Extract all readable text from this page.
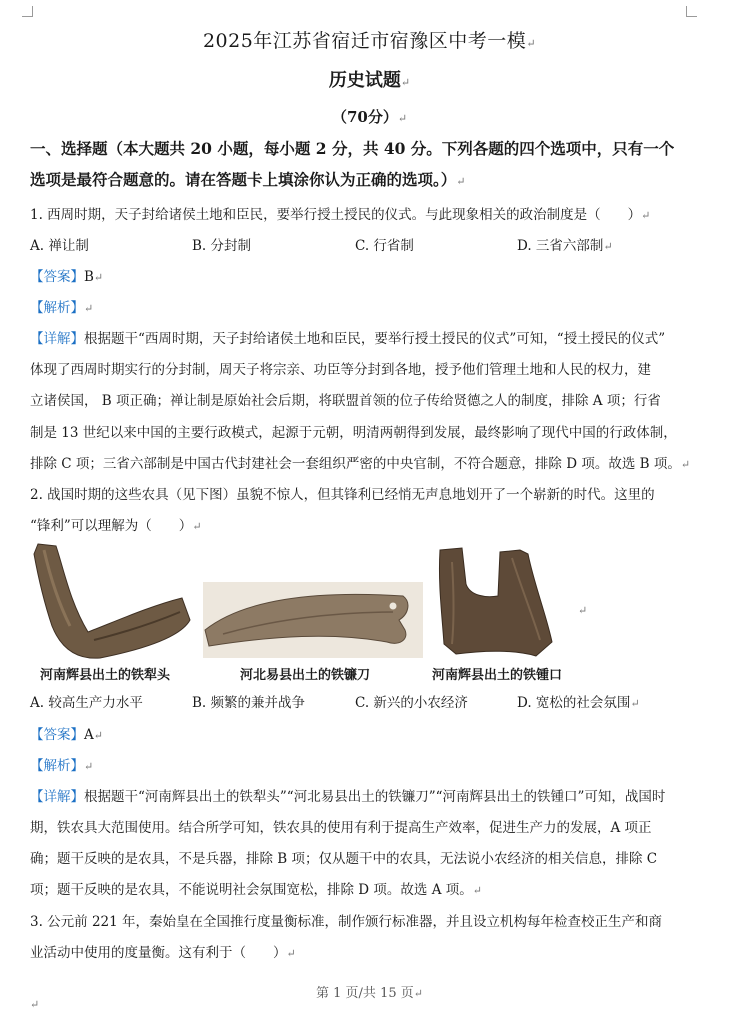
2025年江苏省宿迁市宿豫区中考一模↵
历史试题↵
（70分）↵
一、选择题（本大题共 20 小题，每小题 2 分，共 40 分。下列各题的四个选项中，只有一个
选项是最符合题意的。请在答题卡上填涂你认为正确的选项。）↵
1. 西周时期，天子封给诸侯土地和臣民，要举行授土授民的仪式。与此现象相关的政治制度是（　　）↵
A. 禅让制	B. 分封制	C. 行省制	D. 三省六部制↵
【答案】B↵
【解析】↵
【详解】根据题干“西周时期，天子封给诸侯土地和臣民，要举行授土授民的仪式”可知，“授土授民的仪式”
体现了西周时期实行的分封制，周天子将宗亲、功臣等分封到各地，授予他们管理土地和人民的权力，建
立诸侯国， B 项正确；禅让制是原始社会后期，将联盟首领的位子传给贤德之人的制度，排除 A 项；行省
制是 13 世纪以来中国的主要行政模式，起源于元朝，明清两朝得到发展，最终影响了现代中国的行政体制，
排除 C 项；三省六部制是中国古代封建社会一套组织严密的中央官制，不符合题意，排除 D 项。故选 B 项。↵
2. 战国时期的这些农具（见下图）虽貌不惊人，但其锋利已经悄无声息地划开了一个崭新的时代。这里的
“锋利”可以理解为（　　）↵
↵
河南辉县出土的铁犁头	河北易县出土的铁镰刀	河南辉县出土的铁锺口
A. 较高生产力水平	B. 频繁的兼并战争	C. 新兴的小农经济	D. 宽松的社会氛围↵
【答案】A↵
【解析】↵
【详解】根据题干“河南辉县出土的铁犁头”“河北易县出土的铁镰刀”“河南辉县出土的铁锺口”可知，战国时
期，铁农具大范围使用。结合所学可知，铁农具的使用有利于提高生产效率，促进生产力的发展，A 项正
确；题干反映的是农具，不是兵器，排除 B 项；仅从题干中的农具，无法说小农经济的相关信息，排除 C
项；题干反映的是农具，不能说明社会氛围宽松，排除 D 项。故选 A 项。↵
3. 公元前 221 年，秦始皇在全国推行度量衡标准，制作颁行标准器，并且设立机构每年检查校正生产和商
业活动中使用的度量衡。这有利于（　　）↵
第 1 页/共 15 页↵
↵
